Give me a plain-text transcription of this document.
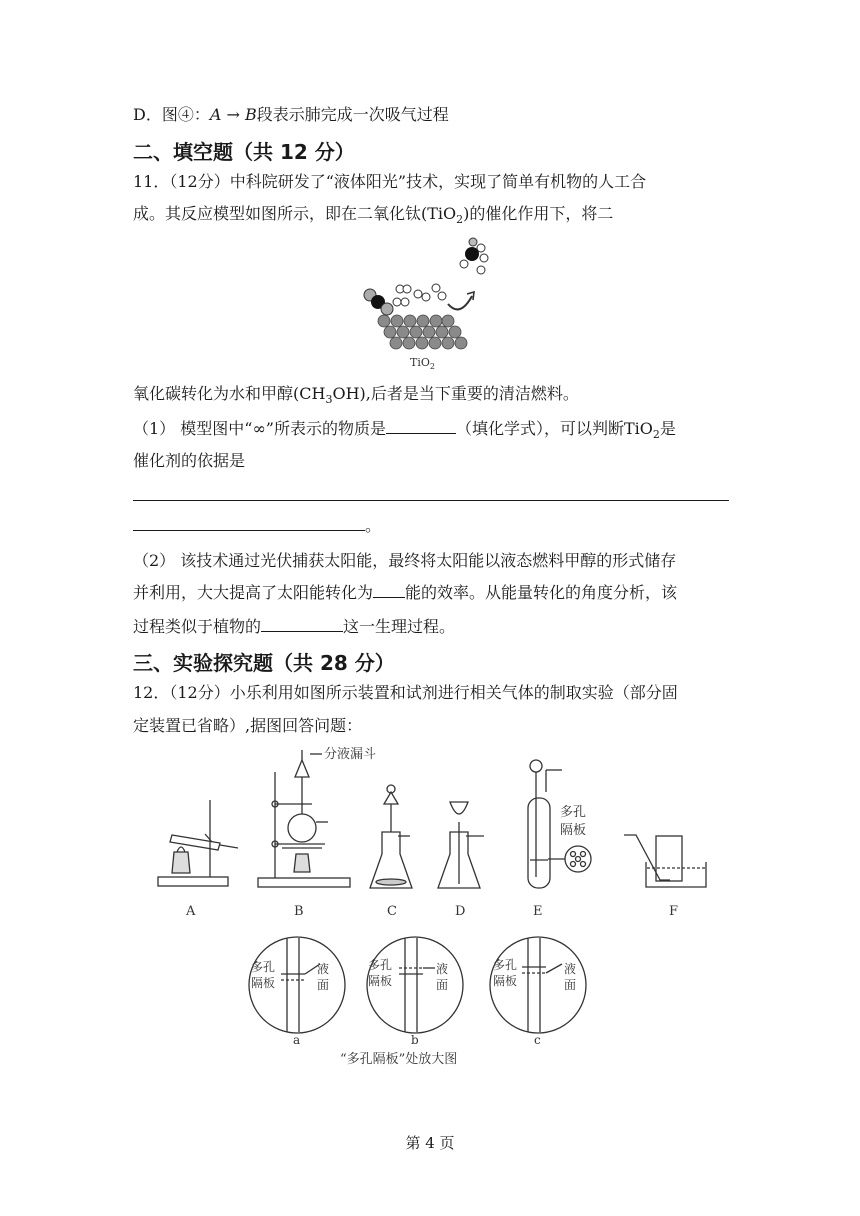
D．图④：A → B段表示肺完成一次吸气过程
二、填空题（共 12 分）
11．（12分）中科院研发了“液体阳光”技术，实现了简单有机物的人工合
成。其反应模型如图所示，即在二氧化钛(TiO$_2$)的催化作用下，将二
TiO$_2$
氧化碳转化为水和甲醇$(CH_3OH)$,后者是当下重要的清洁燃料。
（1） 模型图中“∞”所表示的物质是	（填化学式），可以判断TiO$_2$是
催化剂的依据是
。
（2） 该技术通过光伏捕获太阳能，最终将太阳能以液态燃料甲醇的形式储存
并利用，大大提高了太阳能转化为 能的效率。从能量转化的角度分析，该
过程类似于植物的	这一生理过程。
三、实验探究题（共 28 分）
12．（12分）小乐利用如图所示装置和试剂进行相关气体的制取实验（部分固
定装置已省略）,据图回答问题：
分液漏斗
多孔
隔板
A	B	C	D	E	F
多孔
隔板
液
面
多孔
隔板
液
面
多孔
隔板
液
面
a	b	c
“多孔隔板”处放大图
第 4 页
